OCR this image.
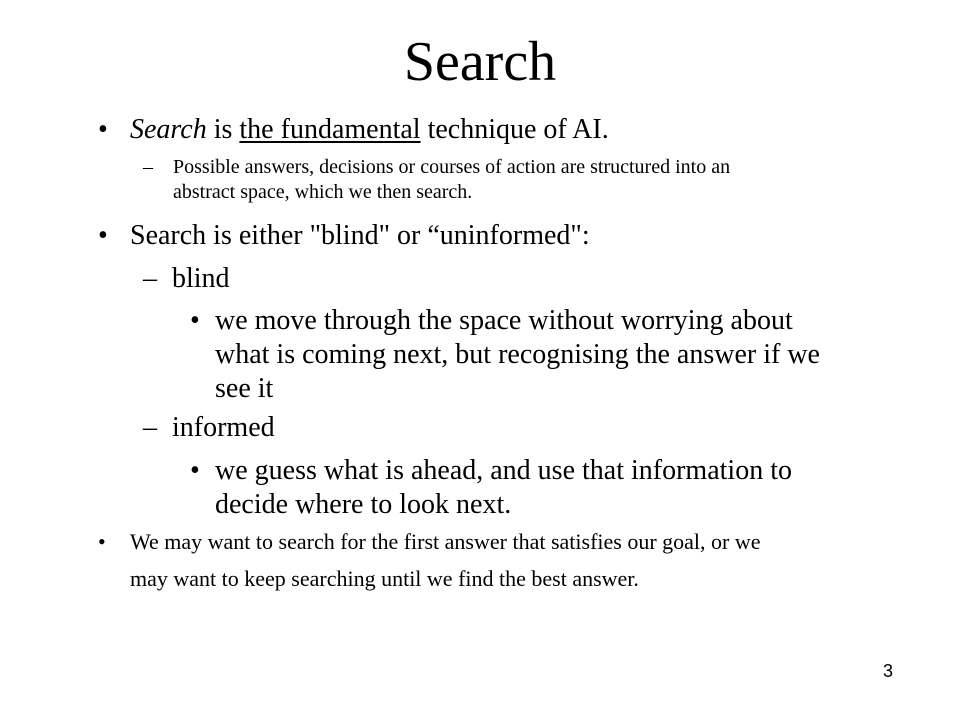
Search
• Search is the fundamental technique of AI.

– Possible answers, decisions or courses of action are structured into an

abstract space, which we then search.

• Search is either "blind" or “uninformed":

– blind

• we move through the space without worrying about

what is coming next, but recognising the answer if we

see it

– informed

• we guess what is ahead, and use that information to

decide where to look next.

• We may want to search for the first answer that satisfies our goal, or we

may want to keep searching until we find the best answer.

3
